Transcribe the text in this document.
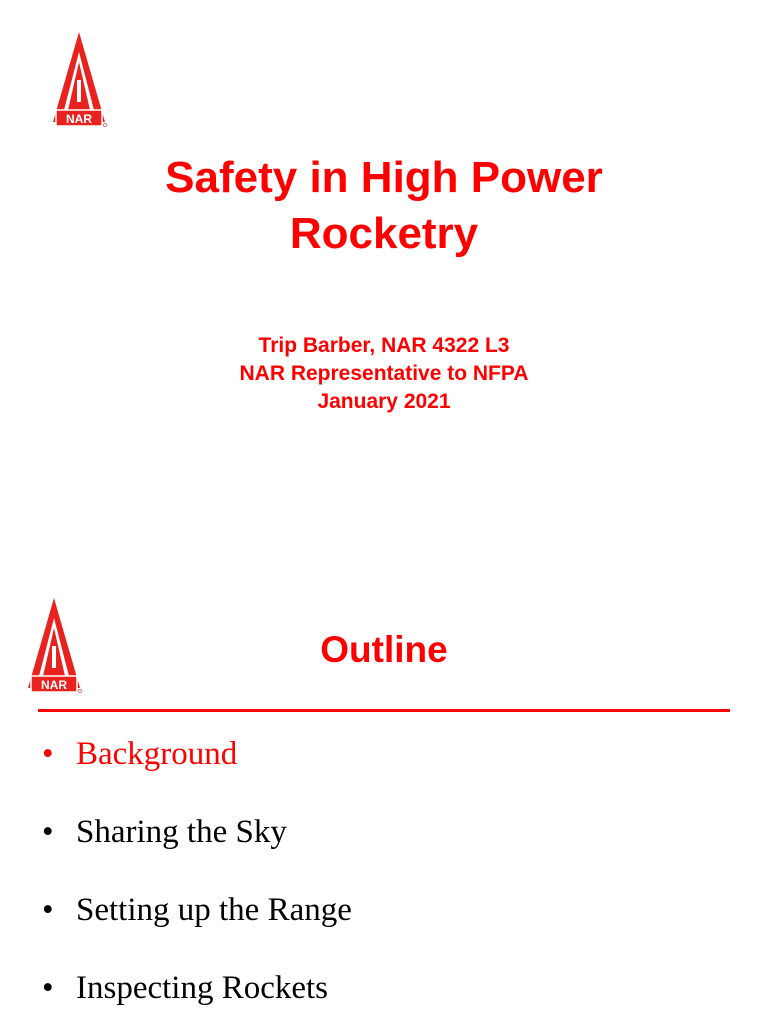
NAR
Safety in High Power
Rocketry
Trip Barber, NAR 4322 L3
NAR Representative to NFPA
January 2021
NAR
Outline
• Background
• Sharing the Sky
• Setting up the Range
• Inspecting Rockets
